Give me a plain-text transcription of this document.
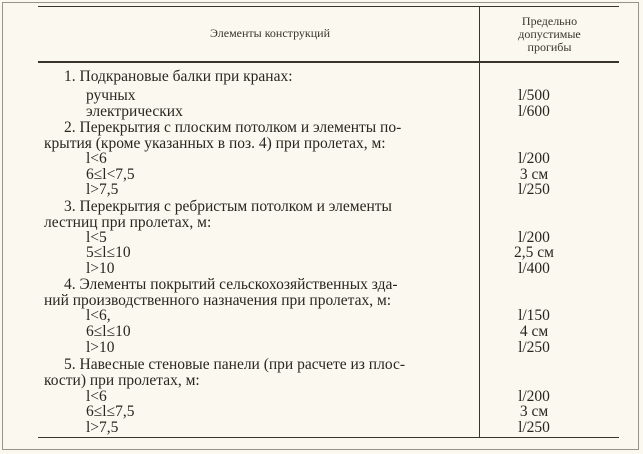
Элементы конструкций
Предельно
допустимые
прогибы
1. Подкрановые балки при кранах:
ручных	l/500
электрических	l/600
2. Перекрытия с плоским потолком и элементы по-
крытия (кроме указанных в поз. 4) при пролетах, м:
l<6	l/200
6≤l<7,5	3 см
l>7,5	l/250
3. Перекрытия с ребристым потолком и элементы
лестниц при пролетах, м:
l<5	l/200
5≤l≤10	2,5 см
l>10	l/400
4. Элементы покрытий сельскохозяйственных зда-
ний производственного назначения при пролетах, м:
l<6,	l/150
6≤l≤10	4 см
l>10	l/250
5. Навесные стеновые панели (при расчете из плос-
кости) при пролетах, м:
l<6	l/200
6≤l≤7,5	3 см
l>7,5	l/250
